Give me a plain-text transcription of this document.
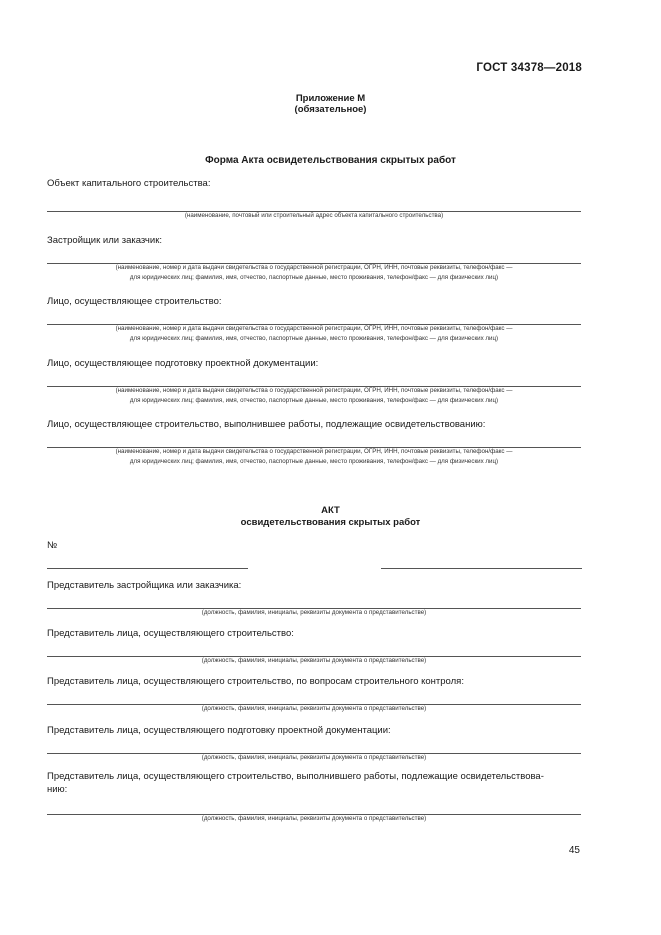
ГОСТ 34378—2018
Приложение М
(обязательное)
Форма Акта освидетельствования скрытых работ
Объект капитального строительства:
(наименование, почтовый или строительный адрес объекта капитального строительства)
Застройщик или заказчик:
(наименование, номер и дата выдачи свидетельства о государственной регистрации, ОГРН, ИНН, почтовые реквизиты, телефон/факс —
для юридических лиц; фамилия, имя, отчество, паспортные данные, место проживания, телефон/факс — для физических лиц)
Лицо, осуществляющее строительство:
(наименование, номер и дата выдачи свидетельства о государственной регистрации, ОГРН, ИНН, почтовые реквизиты, телефон/факс —
для юридических лиц; фамилия, имя, отчество, паспортные данные, место проживания, телефон/факс — для физических лиц)
Лицо, осуществляющее подготовку проектной документации:
(наименование, номер и дата выдачи свидетельства о государственной регистрации, ОГРН, ИНН, почтовые реквизиты, телефон/факс —
для юридических лиц; фамилия, имя, отчество, паспортные данные, место проживания, телефон/факс — для физических лиц)
Лицо, осуществляющее строительство, выполнившее работы, подлежащие освидетельствованию:
(наименование, номер и дата выдачи свидетельства о государственной регистрации, ОГРН, ИНН, почтовые реквизиты, телефон/факс —
для юридических лиц; фамилия, имя, отчество, паспортные данные, место проживания, телефон/факс — для физических лиц)
АКТ
освидетельствования скрытых работ
№
Представитель застройщика или заказчика:
(должность, фамилия, инициалы, реквизиты документа о представительстве)
Представитель лица, осуществляющего строительство:
(должность, фамилия, инициалы, реквизиты документа о представительстве)
Представитель лица, осуществляющего строительство, по вопросам строительного контроля:
(должность, фамилия, инициалы, реквизиты документа о представительстве)
Представитель лица, осуществляющего подготовку проектной документации:
(должность, фамилия, инициалы, реквизиты документа о представительстве)
Представитель лица, осуществляющего строительство, выполнившего работы, подлежащие освидетельствова-
нию:
(должность, фамилия, инициалы, реквизиты документа о представительстве)
45
